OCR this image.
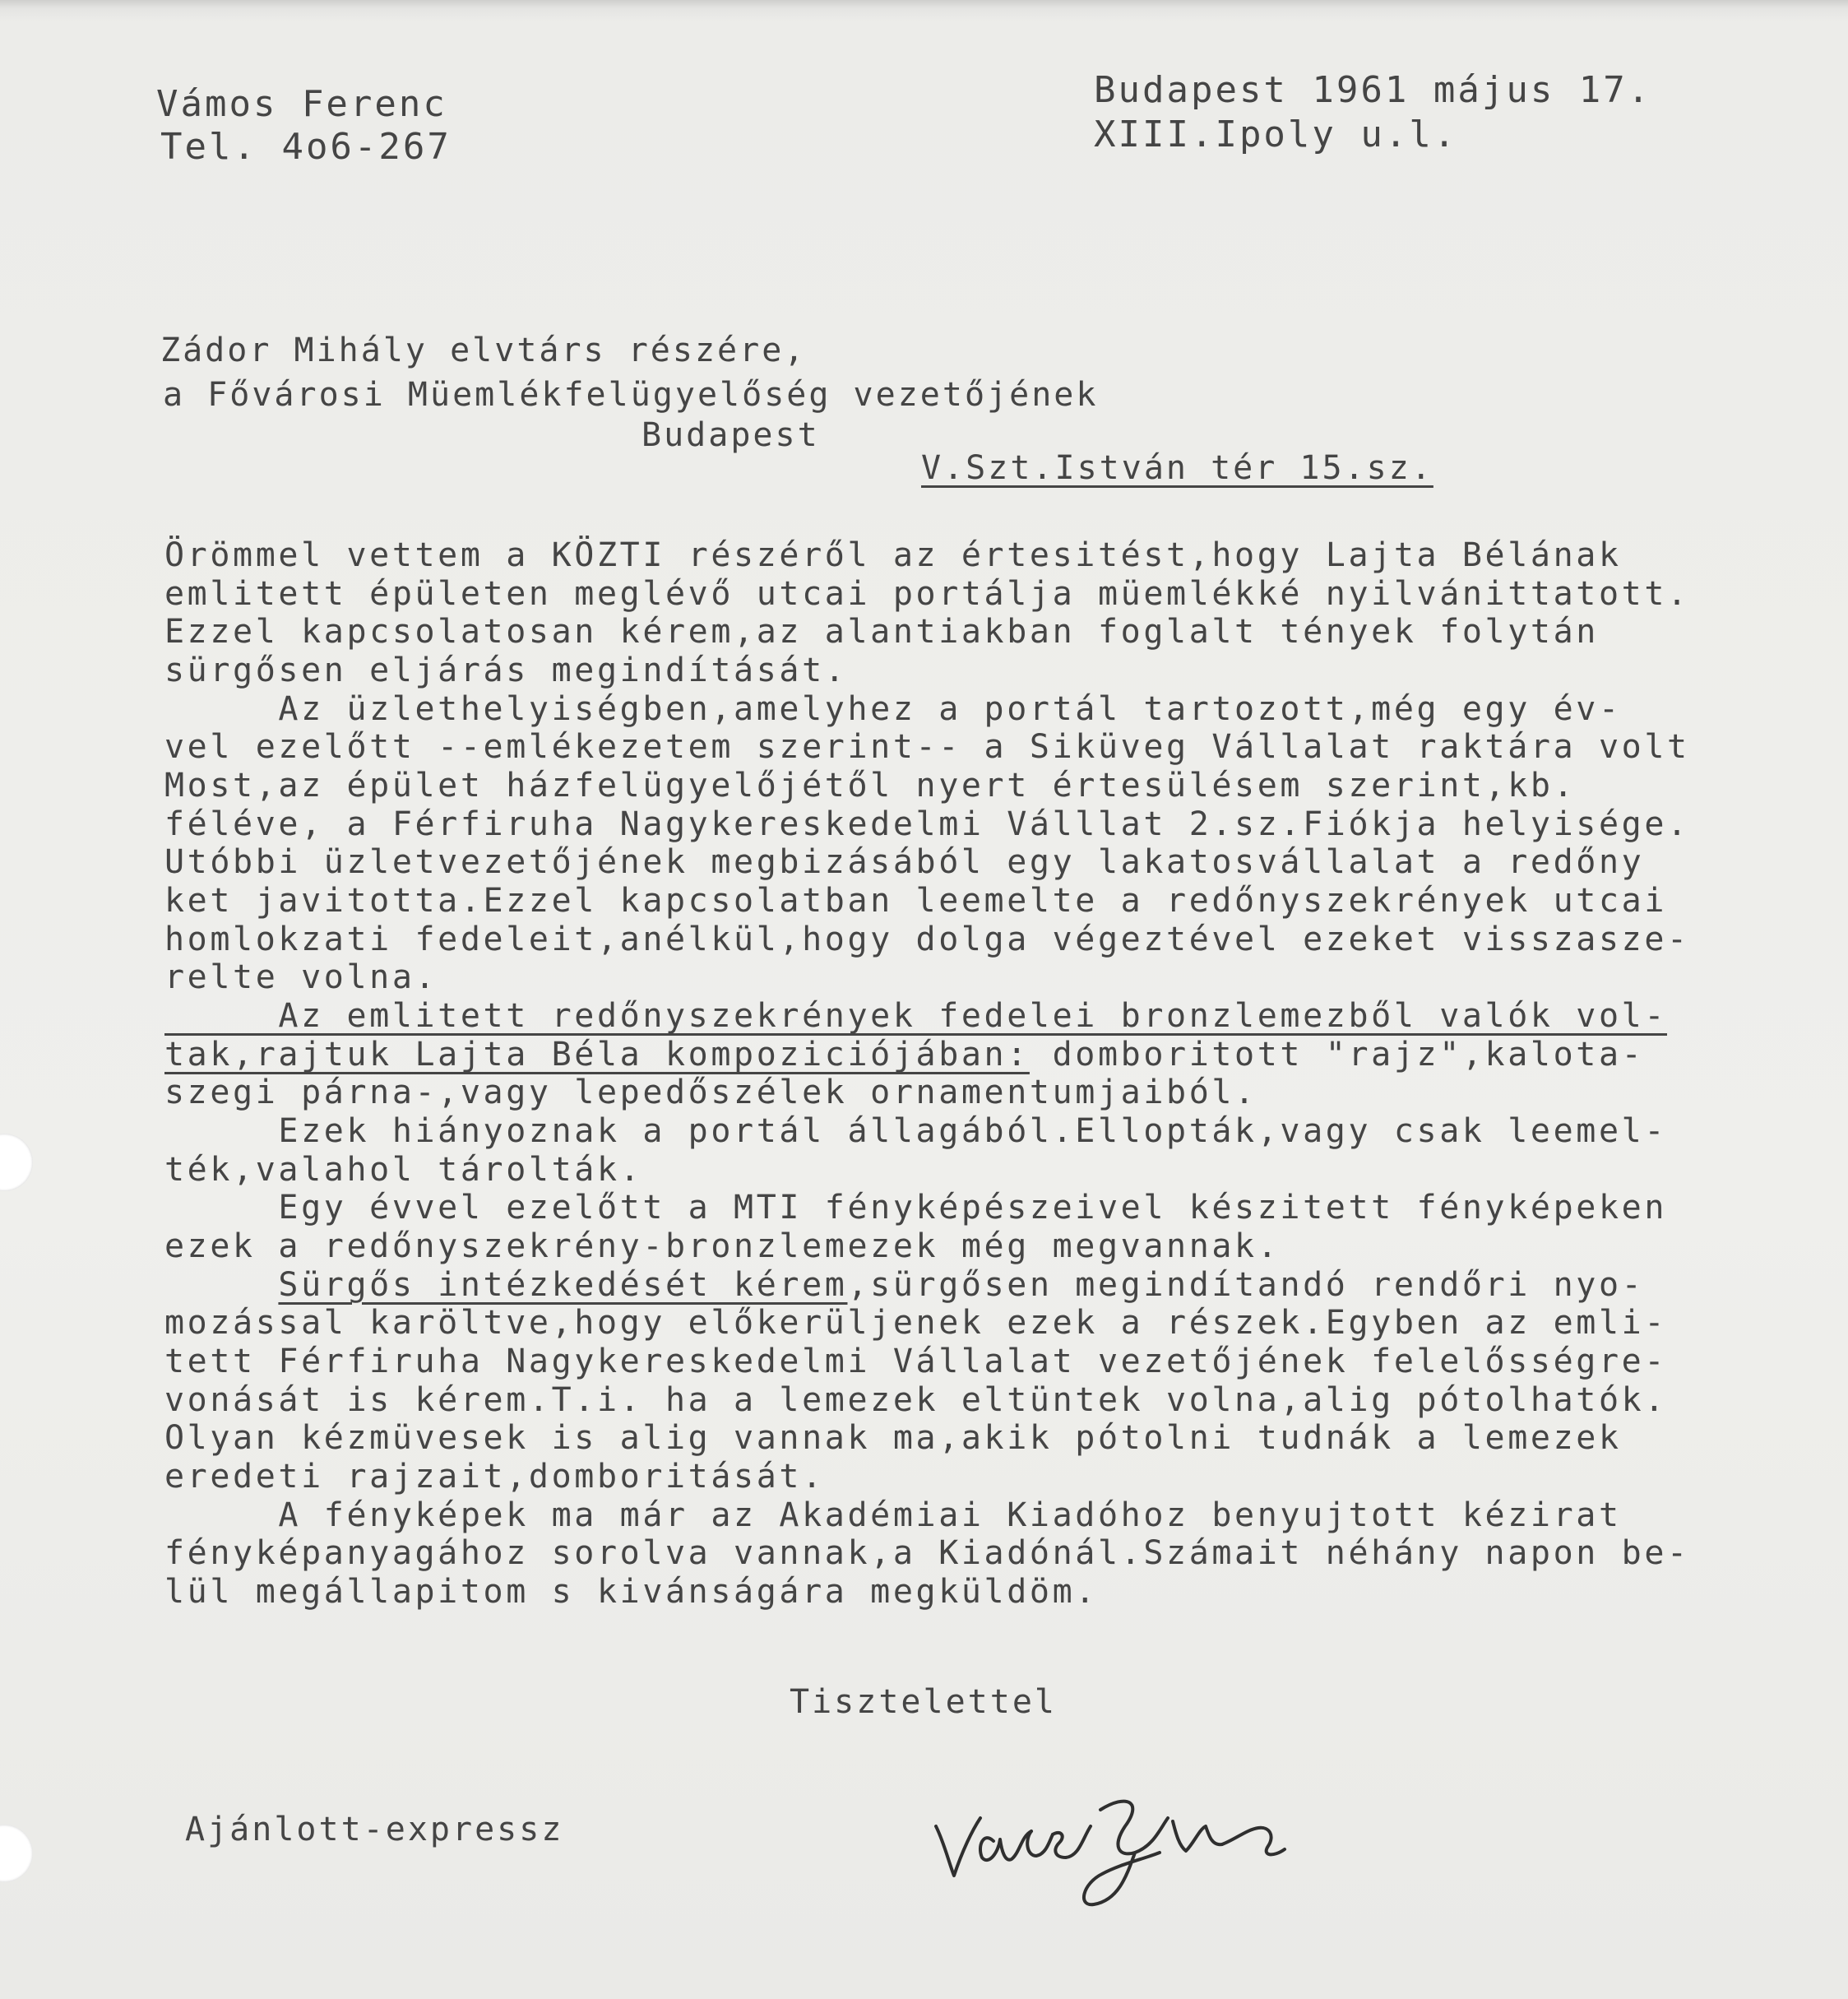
Vámos Ferenc
Tel. 4o6-267
Budapest 1961 május 17.
XIII.Ipoly u.l.
Zádor Mihály elvtárs részére,
a Fővárosi Müemlékfelügyelőség vezetőjének
Budapest
V.Szt.István tér 15.sz.
Örömmel vettem a KÖZTI részéről az értesitést,hogy Lajta Bélának
emlitett épületen meglévő utcai portálja müemlékké nyilvánittatott.
Ezzel kapcsolatosan kérem,az alantiakban foglalt tények folytán
sürgősen eljárás megindítását.
Az üzlethelyiségben,amelyhez a portál tartozott,még egy év-
vel ezelőtt --emlékezetem szerint-- a Siküveg Vállalat raktára volt
Most,az épület házfelügyelőjétől nyert értesülésem szerint,kb.
féléve, a Férfiruha Nagykereskedelmi Válllat 2.sz.Fiókja helyisége.
Utóbbi üzletvezetőjének megbizásából egy lakatosvállalat a redőny
ket javitotta.Ezzel kapcsolatban leemelte a redőnyszekrények utcai
homlokzati fedeleit,anélkül,hogy dolga végeztével ezeket visszasze-
relte volna.
Az emlitett redőnyszekrények fedelei bronzlemezből valók vol-
tak,rajtuk Lajta Béla kompoziciójában: domboritott "rajz",kalota-
szegi párna-,vagy lepedőszélek ornamentumjaiból.
Ezek hiányoznak a portál állagából.Ellopták,vagy csak leemel-
ték,valahol tárolták.
Egy évvel ezelőtt a MTI fényképészeivel készitett fényképeken
ezek a redőnyszekrény-bronzlemezek még megvannak.
Sürgős intézkedését kérem,sürgősen megindítandó rendőri nyo-
mozással karöltve,hogy előkerüljenek ezek a részek.Egyben az emli-
tett Férfiruha Nagykereskedelmi Vállalat vezetőjének felelősségre-
vonását is kérem.T.i. ha a lemezek eltüntek volna,alig pótolhatók.
Olyan kézmüvesek is alig vannak ma,akik pótolni tudnák a lemezek
eredeti rajzait,domboritását.
A fényképek ma már az Akadémiai Kiadóhoz benyujtott kézirat
fényképanyagához sorolva vannak,a Kiadónál.Számait néhány napon be-
lül megállapitom s kivánságára megküldöm.
Tisztelettel
Ajánlott-expressz
